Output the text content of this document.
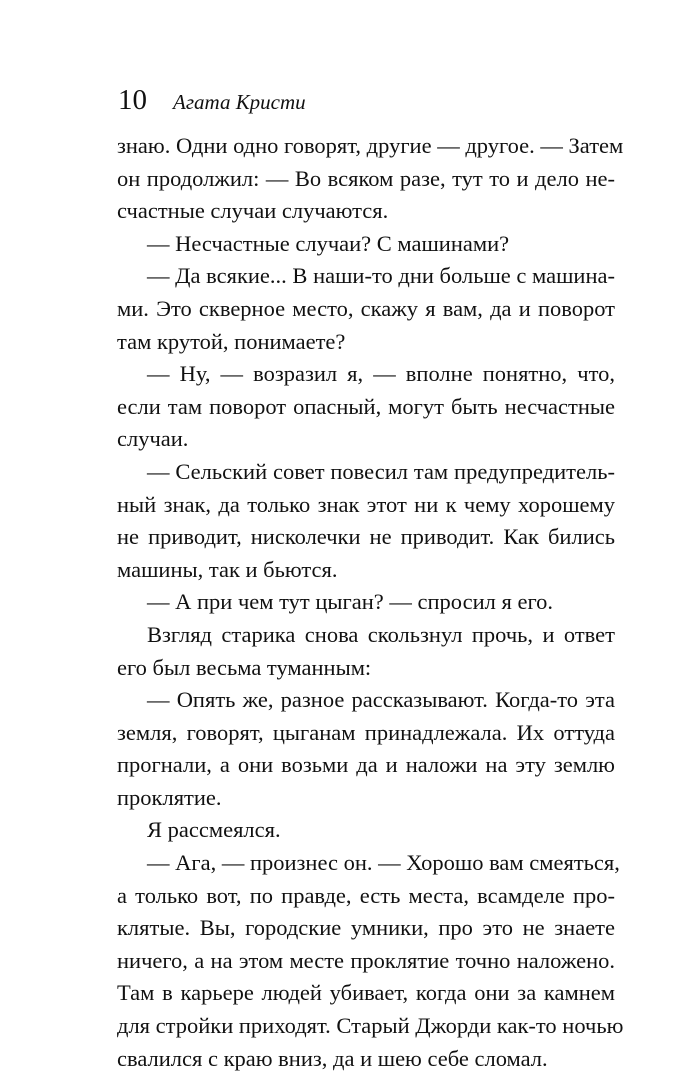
10 Агата Кристи
знаю. Одни одно говорят, другие — другое. — Затем
он продолжил: — Во всяком разе, тут то и дело не-
счастные случаи случаются.
— Несчастные случаи? С машинами?
— Да всякие... В наши-то дни больше с машина-
ми. Это скверное место, скажу я вам, да и поворот
там крутой, понимаете?
— Ну, — возразил я, — вполне понятно, что,
если там поворот опасный, могут быть несчастные
случаи.
— Сельский совет повесил там предупредитель-
ный знак, да только знак этот ни к чему хорошему
не приводит, нисколечки не приводит. Как бились
машины, так и бьются.
— А при чем тут цыган? — спросил я его.
Взгляд старика снова скользнул прочь, и ответ
его был весьма туманным:
— Опять же, разное рассказывают. Когда-то эта
земля, говорят, цыганам принадлежала. Их оттуда
прогнали, а они возьми да и наложи на эту землю
проклятие.
Я рассмеялся.
— Ага, — произнес он. — Хорошо вам смеяться,
а только вот, по правде, есть места, всамделе про-
клятые. Вы, городские умники, про это не знаете
ничего, а на этом месте проклятие точно наложено.
Там в карьере людей убивает, когда они за камнем
для стройки приходят. Старый Джорди как-то ночью
свалился с краю вниз, да и шею себе сломал.
